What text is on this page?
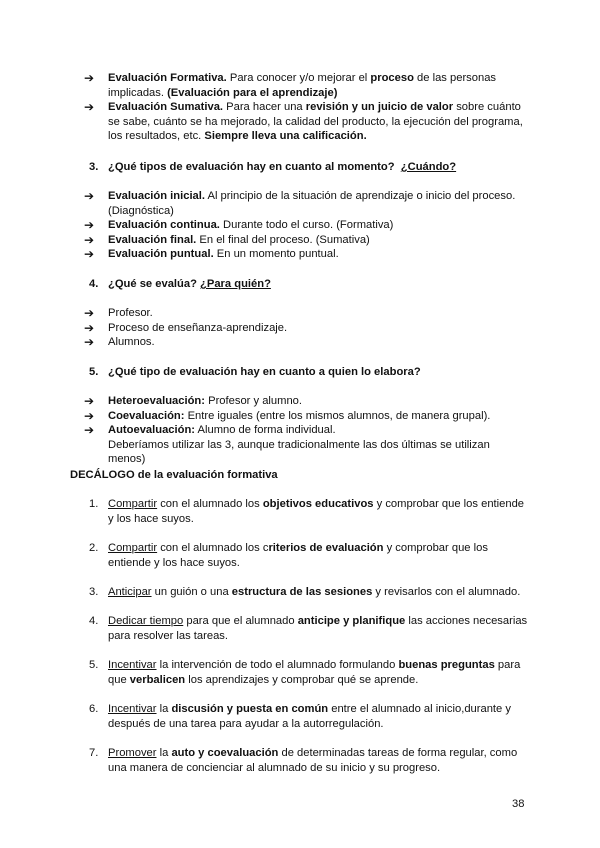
➔ Evaluación Formativa. Para conocer y/o mejorar el proceso de las personas implicadas. (Evaluación para el aprendizaje)
➔ Evaluación Sumativa. Para hacer una revisión y un juicio de valor sobre cuánto se sabe, cuánto se ha mejorado, la calidad del producto, la ejecución del programa, los resultados, etc. Siempre lleva una calificación.
3. ¿Qué tipos de evaluación hay en cuanto al momento? ¿Cuándo?
➔ Evaluación inicial. Al principio de la situación de aprendizaje o inicio del proceso. (Diagnóstica)
➔ Evaluación continua. Durante todo el curso. (Formativa)
➔ Evaluación final. En el final del proceso. (Sumativa)
➔ Evaluación puntual. En un momento puntual.
4. ¿Qué se evalúa? ¿Para quién?
➔ Profesor.
➔ Proceso de enseñanza-aprendizaje.
➔ Alumnos.
5. ¿Qué tipo de evaluación hay en cuanto a quien lo elabora?
➔ Heteroevaluación: Profesor y alumno.
➔ Coevaluación: Entre iguales (entre los mismos alumnos, de manera grupal).
➔ Autoevaluación: Alumno de forma individual.
Deberíamos utilizar las 3, aunque tradicionalmente las dos últimas se utilizan menos)
DECÁLOGO de la evaluación formativa
1. Compartir con el alumnado los objetivos educativos y comprobar que los entiende y los hace suyos.
2. Compartir con el alumnado los criterios de evaluación y comprobar que los entiende y los hace suyos.
3. Anticipar un guión o una estructura de las sesiones y revisarlos con el alumnado.
4. Dedicar tiempo para que el alumnado anticipe y planifique las acciones necesarias para resolver las tareas.
5. Incentivar la intervención de todo el alumnado formulando buenas preguntas para que verbalicen los aprendizajes y comprobar qué se aprende.
6. Incentivar la discusión y puesta en común entre el alumnado al inicio,durante y después de una tarea para ayudar a la autorregulación.
7. Promover la auto y coevaluación de determinadas tareas de forma regular, como una manera de concienciar al alumnado de su inicio y su progreso.
38
